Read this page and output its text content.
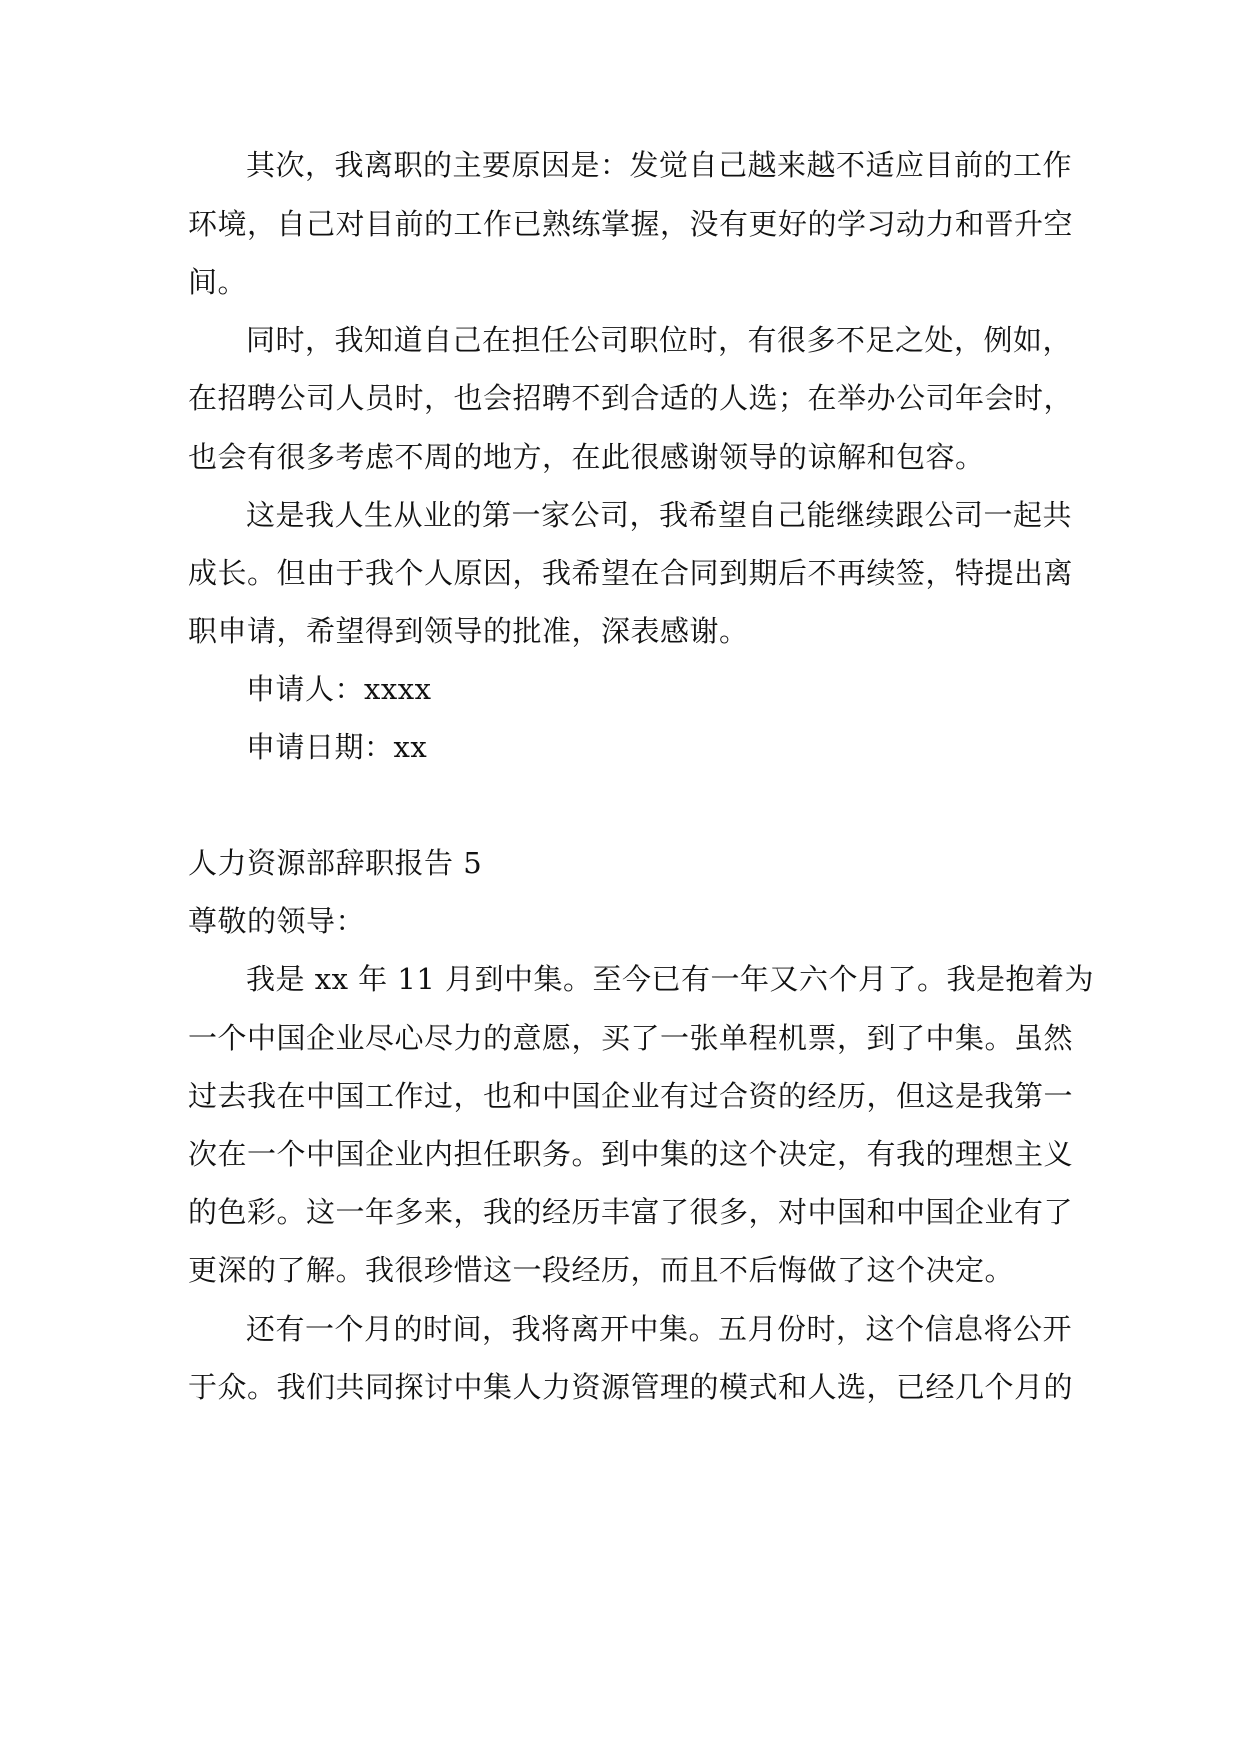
其次，我离职的主要原因是：发觉自己越来越不适应目前的工作
环境，自己对目前的工作已熟练掌握，没有更好的学习动力和晋升空
间。
同时，我知道自己在担任公司职位时，有很多不足之处，例如，
在招聘公司人员时，也会招聘不到合适的人选；在举办公司年会时，
也会有很多考虑不周的地方，在此很感谢领导的谅解和包容。
这是我人生从业的第一家公司，我希望自己能继续跟公司一起共
成长。但由于我个人原因，我希望在合同到期后不再续签，特提出离
职申请，希望得到领导的批准，深表感谢。
申请人：xxxx
申请日期：xx
人力资源部辞职报告 5
尊敬的领导：
我是 xx 年 11 月到中集。至今已有一年又六个月了。我是抱着为
一个中国企业尽心尽力的意愿，买了一张单程机票，到了中集。虽然
过去我在中国工作过，也和中国企业有过合资的经历，但这是我第一
次在一个中国企业内担任职务。到中集的这个决定，有我的理想主义
的色彩。这一年多来，我的经历丰富了很多，对中国和中国企业有了
更深的了解。我很珍惜这一段经历，而且不后悔做了这个决定。
还有一个月的时间，我将离开中集。五月份时，这个信息将公开
于众。我们共同探讨中集人力资源管理的模式和人选，已经几个月的
